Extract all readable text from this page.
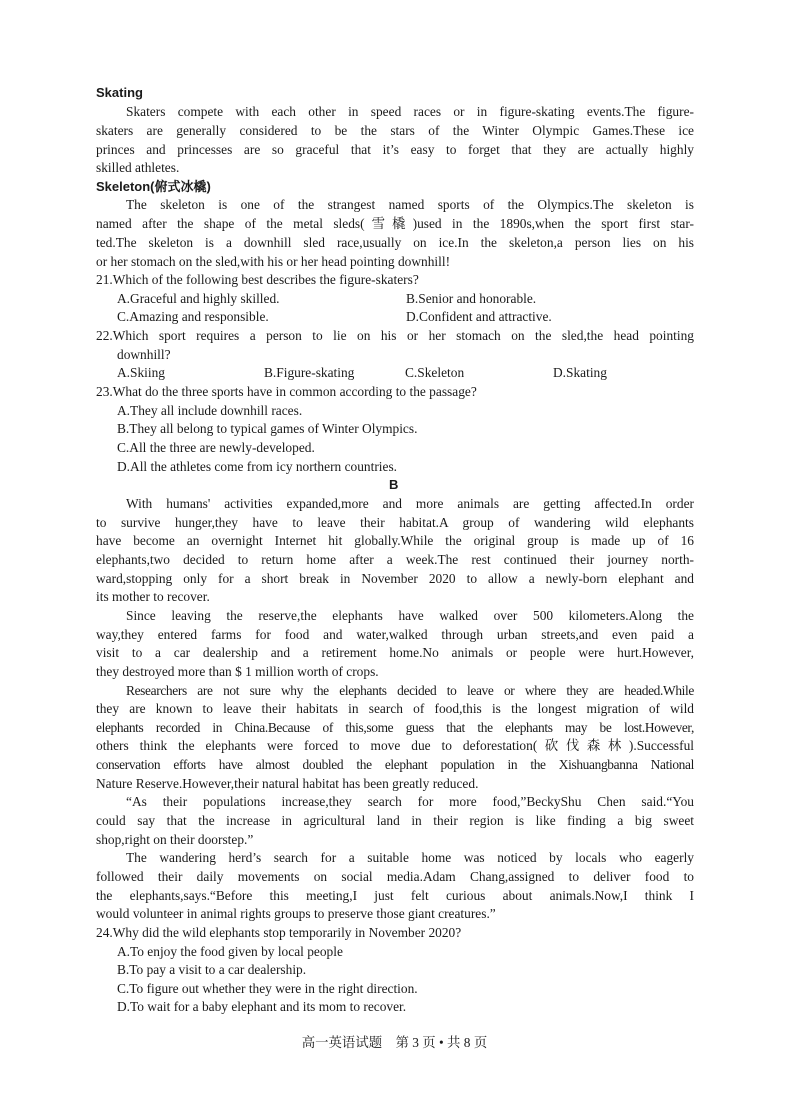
Skating
Skaters compete with each other in speed races or in figure-skating events.The figure-
skaters are generally considered to be the stars of the Winter Olympic Games.These ice
princes and princesses are so graceful that it’s easy to forget that they are actually highly
skilled athletes.
Skeleton(俯式冰橇)
The skeleton is one of the strangest named sports of the Olympics.The skeleton is
named after the shape of the metal sleds(雪橇)used in the 1890s,when the sport first star-
ted.The skeleton is a downhill sled race,usually on ice.In the skeleton,a person lies on his
or her stomach on the sled,with his or her head pointing downhill!
21.Which of the following best describes the figure-skaters?
A.Graceful and highly skilled.	B.Senior and honorable.
C.Amazing and responsible.	D.Confident and attractive.
22.Which sport requires a person to lie on his or her stomach on the sled,the head pointing
downhill?
A.Skiing	B.Figure-skating	C.Skeleton	D.Skating
23.What do the three sports have in common according to the passage?
A.They all include downhill races.
B.They all belong to typical games of Winter Olympics.
C.All the three are newly-developed.
D.All the athletes come from icy northern countries.
B
With humans' activities expanded,more and more animals are getting affected.In order
to survive hunger,they have to leave their habitat.A group of wandering wild elephants
have become an overnight Internet hit globally.While the original group is made up of 16
elephants,two decided to return home after a week.The rest continued their journey north-
ward,stopping only for a short break in November 2020 to allow a newly-born elephant and
its mother to recover.
Since leaving the reserve,the elephants have walked over 500 kilometers.Along the
way,they entered farms for food and water,walked through urban streets,and even paid a
visit to a car dealership and a retirement home.No animals or people were hurt.However,
they destroyed more than $ 1 million worth of crops.
Researchers are not sure why the elephants decided to leave or where they are headed.While
they are known to leave their habitats in search of food,this is the longest migration of wild
elephants recorded in China.Because of this,some guess that the elephants may be lost.However,
others think the elephants were forced to move due to deforestation(砍伐森林).Successful
conservation efforts have almost doubled the elephant population in the Xishuangbanna National
Nature Reserve.However,their natural habitat has been greatly reduced.
“As their populations increase,they search for more food,”BeckyShu Chen said.“You
could say that the increase in agricultural land in their region is like finding a big sweet
shop,right on their doorstep.”
The wandering herd’s search for a suitable home was noticed by locals who eagerly
followed their daily movements on social media.Adam Chang,assigned to deliver food to
the elephants,says.“Before this meeting,I just felt curious about animals.Now,I think I
would volunteer in animal rights groups to preserve those giant creatures.”
24.Why did the wild elephants stop temporarily in November 2020?
A.To enjoy the food given by local people
B.To pay a visit to a car dealership.
C.To figure out whether they were in the right direction.
D.To wait for a baby elephant and its mom to recover.
高一英语试题　第 3 页 • 共 8 页
